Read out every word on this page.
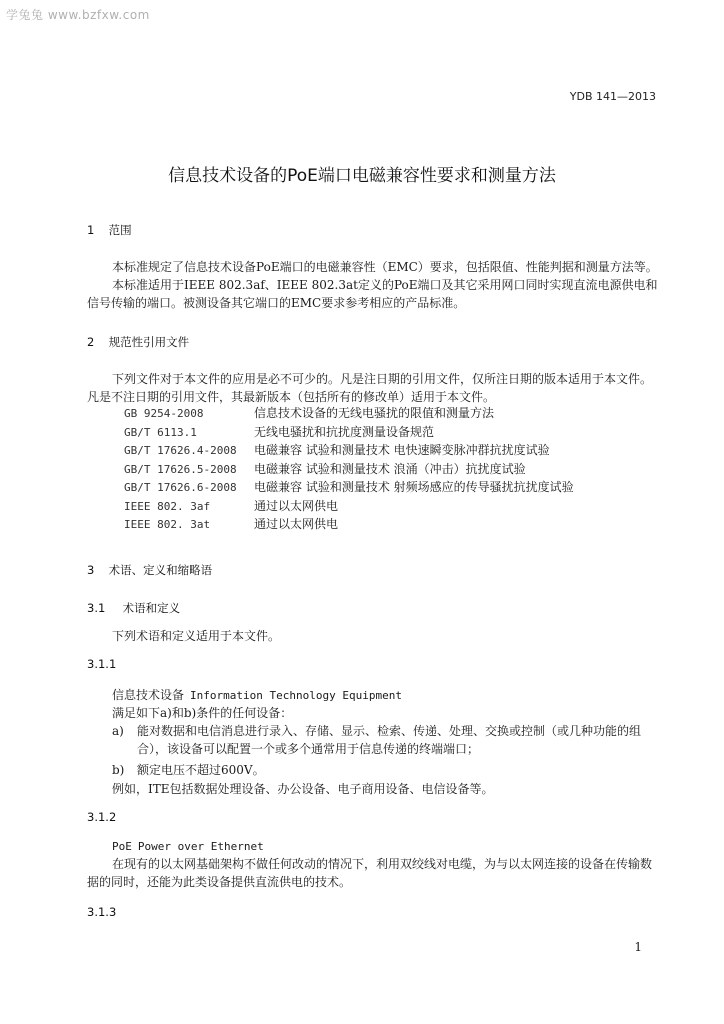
学兔兔 www.bzfxw.com
YDB 141—2013
信息技术设备的PoE端口电磁兼容性要求和测量方法
1 范围
本标准规定了信息技术设备PoE端口的电磁兼容性（EMC）要求，包括限值、性能判据和测量方法等。
本标准适用于IEEE 802.3af、IEEE 802.3at定义的PoE端口及其它采用网口同时实现直流电源供电和信号传输的端口。被测设备其它端口的EMC要求参考相应的产品标准。
2 规范性引用文件
下列文件对于本文件的应用是必不可少的。凡是注日期的引用文件，仅所注日期的版本适用于本文件。凡是不注日期的引用文件，其最新版本（包括所有的修改单）适用于本文件。
GB 9254-2008	信息技术设备的无线电骚扰的限值和测量方法
GB/T 6113.1	无线电骚扰和抗扰度测量设备规范
GB/T 17626.4-2008 电磁兼容 试验和测量技术 电快速瞬变脉冲群抗扰度试验
GB/T 17626.5-2008 电磁兼容 试验和测量技术 浪涌（冲击）抗扰度试验
GB/T 17626.6-2008 电磁兼容 试验和测量技术 射频场感应的传导骚扰抗扰度试验
IEEE 802. 3af	通过以太网供电
IEEE 802. 3at	通过以太网供电
3 术语、定义和缩略语
3.1 术语和定义
下列术语和定义适用于本文件。
3.1.1
信息技术设备 Information Technology Equipment
满足如下a)和b)条件的任何设备：
a)	能对数据和电信消息进行录入、存储、显示、检索、传递、处理、交换或控制（或几种功能的组合），该设备可以配置一个或多个通常用于信息传递的终端端口；
b)	额定电压不超过600V。
例如，ITE包括数据处理设备、办公设备、电子商用设备、电信设备等。
3.1.2
PoE Power over Ethernet
在现有的以太网基础架构不做任何改动的情况下，利用双绞线对电缆，为与以太网连接的设备在传输数据的同时，还能为此类设备提供直流供电的技术。
3.1.3
1
